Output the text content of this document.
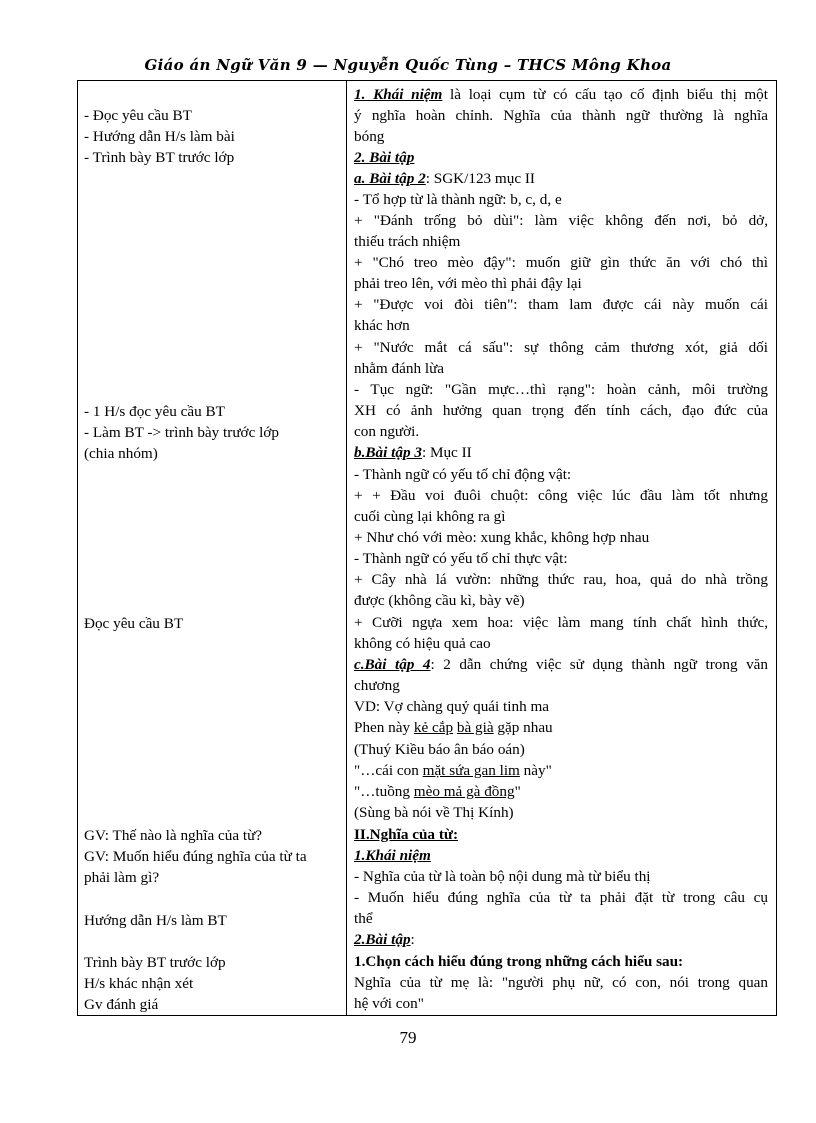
Giáo án Ngữ Văn 9 — Nguyễn Quốc Tùng – THCS Mông Khoa
- Đọc yêu cầu BT
- Hướng dẫn H/s làm bài
- Trình bày BT trước lớp
- 1 H/s đọc yêu cầu BT
- Làm BT -> trình bày trước lớp
(chia nhóm)
Đọc yêu cầu BT
GV: Thế nào là nghĩa của từ?
GV: Muốn hiểu đúng nghĩa của từ ta
phải làm gì?
Hướng dẫn H/s làm BT
Trình bày BT trước lớp
H/s khác nhận xét
Gv đánh giá
1. Khái niệm là loại cụm từ có cấu tạo cố định biểu thị một
ý nghĩa hoàn chỉnh. Nghĩa của thành ngữ thường là nghĩa
bóng
2. Bài tập
a. Bài tập 2: SGK/123 mục II
- Tổ hợp từ là thành ngữ: b, c, d, e
+ "Đánh trống bỏ dùi": làm việc không đến nơi, bỏ dở,
thiếu trách nhiệm
+ "Chó treo mèo đậy": muốn giữ gìn thức ăn với chó thì
phải treo lên, với mèo thì phải đậy lại
+ "Được voi đòi tiên": tham lam được cái này muốn cái
khác hơn
+ "Nước mắt cá sấu": sự thông cảm thương xót, giả dối
nhằm đánh lừa
- Tục ngữ: "Gần mực…thì rạng": hoàn cảnh, môi trường
XH có ảnh hưởng quan trọng đến tính cách, đạo đức của
con người.
b.Bài tập 3: Mục II
- Thành ngữ có yếu tố chỉ động vật:
+ + Đầu voi đuôi chuột: công việc lúc đầu làm tốt nhưng
cuối cùng lại không ra gì
+ Như chó với mèo: xung khắc, không hợp nhau
- Thành ngữ có yếu tố chỉ thực vật:
+ Cây nhà lá vườn: những thức rau, hoa, quả do nhà trồng
được (không cầu kì, bày vẽ)
+ Cưỡi ngựa xem hoa: việc làm mang tính chất hình thức,
không có hiệu quả cao
c.Bài tập 4: 2 dẫn chứng việc sử dụng thành ngữ trong văn
chương
VD: Vợ chàng quỷ quái tinh ma
Phen này kẻ cắp bà già gặp nhau
(Thuý Kiều báo ân báo oán)
"…cái con mặt sứa gan lim này"
"…tuồng mèo mả gà đồng"
(Sùng bà nói về Thị Kính)
II.Nghĩa của từ:
1.Khái niệm
- Nghĩa của từ là toàn bộ nội dung mà từ biểu thị
- Muốn hiểu đúng nghĩa của từ ta phải đặt từ trong câu cụ
thể
2.Bài tập:
1.Chọn cách hiểu đúng trong những cách hiểu sau:
Nghĩa của từ mẹ là: "người phụ nữ, có con, nói trong quan
hệ với con"
79
